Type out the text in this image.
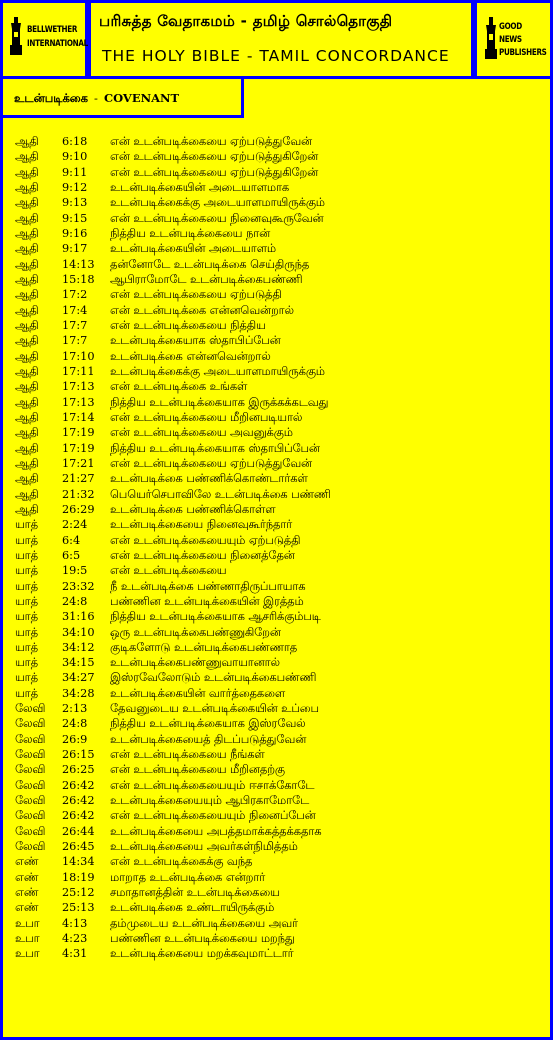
BELLWETHER
INTERNATIONAL
பரிசுத்த வேதாகமம் - தமிழ் சொல்தொகுதி
THE HOLY BIBLE - TAMIL CONCORDANCE
GOOD NEWS
PUBLISHERS
உடன்படிக்கை - COVENANT
ஆதி 6:18 என் உடன்படிக்கையை ஏற்படுத்துவேன்
ஆதி 9:10 என் உடன்படிக்கையை ஏற்படுத்துகிறேன்
ஆதி 9:11 என் உடன்படிக்கையை ஏற்படுத்துகிறேன்
ஆதி 9:12 உடன்படிக்கையின் அடையாளமாக
ஆதி 9:13 உடன்படிக்கைக்கு அடையாளமாயிருக்கும்
ஆதி 9:15 என் உடன்படிக்கையை நினைவுகூருவேன்
ஆதி 9:16 நித்திய உடன்படிக்கையை நான்
ஆதி 9:17 உடன்படிக்கையின் அடையாளம்
ஆதி 14:13 தன்னோடே உடன்படிக்கை செய்திருந்த
ஆதி 15:18 ஆபிராமோடே உடன்படிக்கைபண்ணி
ஆதி 17:2 என் உடன்படிக்கையை ஏற்படுத்தி
ஆதி 17:4 என் உடன்படிக்கை என்னவென்றால்
ஆதி 17:7 என் உடன்படிக்கையை நித்திய
ஆதி 17:7 உடன்படிக்கையாக ஸ்தாபிப்பேன்
ஆதி 17:10 உடன்படிக்கை என்னவென்றால்
ஆதி 17:11 உடன்படிக்கைக்கு அடையாளமாயிருக்கும்
ஆதி 17:13 என் உடன்படிக்கை உங்கள்
ஆதி 17:13 நித்திய உடன்படிக்கையாக இருக்கக்கடவது
ஆதி 17:14 என் உடன்படிக்கையை மீறினபடியால்
ஆதி 17:19 என் உடன்படிக்கையை அவனுக்கும்
ஆதி 17:19 நித்திய உடன்படிக்கையாக ஸ்தாபிப்பேன்
ஆதி 17:21 என் உடன்படிக்கையை ஏற்படுத்துவேன்
ஆதி 21:27 உடன்படிக்கை பண்ணிக்கொண்டார்கள்
ஆதி 21:32 பெயெர்செபாவிலே உடன்படிக்கை பண்ணி
ஆதி 26:29 உடன்படிக்கை பண்ணிக்கொள்ள
யாத் 2:24 உடன்படிக்கையை நினைவுகூர்ந்தார்
யாத் 6:4	என் உடன்படிக்கையையும் ஏற்படுத்தி
யாத் 6:5	என் உடன்படிக்கையை நினைத்தேன்
யாத் 19:5 என் உடன்படிக்கையை
யாத் 23:32 நீ உடன்படிக்கை பண்ணாதிருப்பாயாக
யாத் 24:8 பண்ணின உடன்படிக்கையின் இரத்தம்
யாத் 31:16 நித்திய உடன்படிக்கையாக ஆசரிக்கும்படி
யாத் 34:10 ஒரு உடன்படிக்கைபண்ணுகிறேன்
யாத் 34:12 குடிகளோடு உடன்படிக்கைபண்ணாத
யாத் 34:15 உடன்படிக்கைபண்ணுவாயானால்
யாத் 34:27 இஸ்ரவேலோடும் உடன்படிக்கைபண்ணி
யாத் 34:28 உடன்படிக்கையின் வார்த்தைகளை
லேவி 2:13 தேவனுடைய உடன்படிக்கையின் உப்பை
லேவி 24:8 நித்திய உடன்படிக்கையாக இஸ்ரவேல்
லேவி 26:9 உடன்படிக்கையைத் திடப்படுத்துவேன்
லேவி 26:15 என் உடன்படிக்கையை நீங்கள்
லேவி 26:25 என் உடன்படிக்கையை மீறினதற்கு
லேவி 26:42 என் உடன்படிக்கையையும் ஈசாக்கோடே
லேவி 26:42 உடன்படிக்கையையும் ஆபிரகாமோடே
லேவி 26:42 என் உடன்படிக்கையையும் நினைப்பேன்
லேவி 26:44 உடன்படிக்கையை அபத்தமாக்கத்தக்கதாக
லேவி 26:45 உடன்படிக்கையை அவர்கள்நிமித்தம்
எண் 14:34 என் உடன்படிக்கைக்கு வந்த
எண் 18:19 மாறாத உடன்படிக்கை என்றார்
எண் 25:12 சமாதானத்தின் உடன்படிக்கையை
எண் 25:13 உடன்படிக்கை உண்டாயிருக்கும்
உபா 4:13 தம்முடைய உடன்படிக்கையை அவர்
உபா 4:23 பண்ணின உடன்படிக்கையை மறந்து
உபா 4:31 உடன்படிக்கையை மறக்கவுமாட்டார்
